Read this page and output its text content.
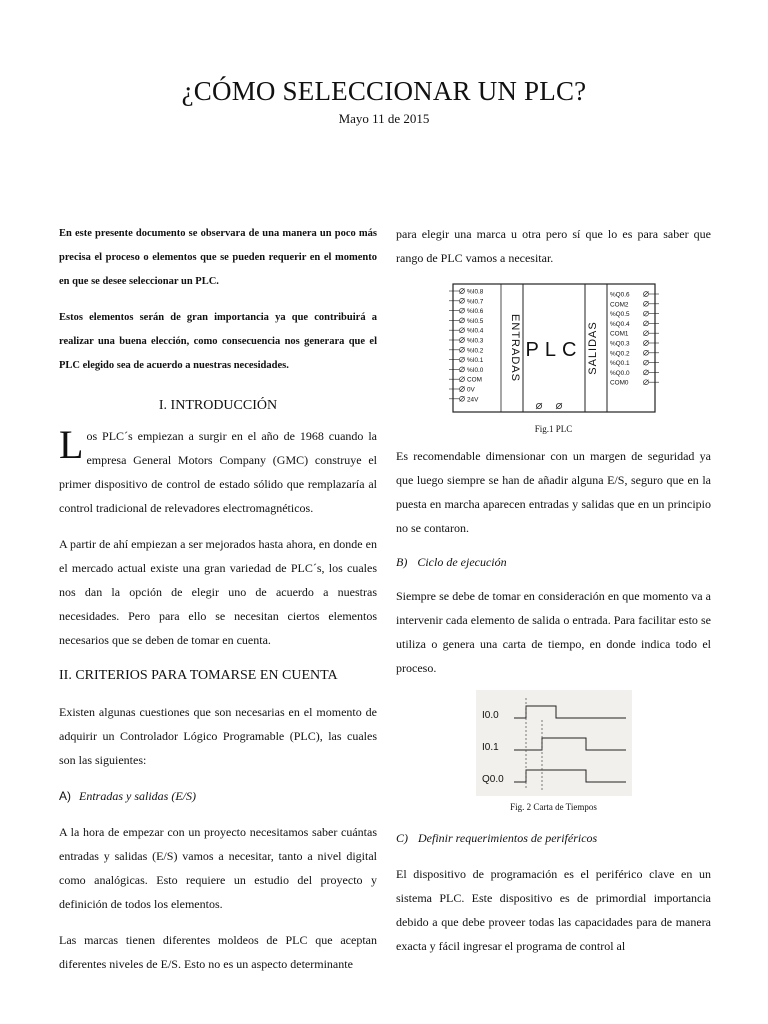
¿CÓMO SELECCIONAR UN PLC?
Mayo 11 de 2015

En este presente documento se observara de una manera un poco más precisa el proceso o elementos que se pueden requerir en el momento en que se desee seleccionar un PLC.

Estos elementos serán de gran importancia ya que contribuirá a realizar una buena elección, como consecuencia nos generara que el PLC elegido sea de acuerdo a nuestras necesidades.

I. INTRODUCCIÓN

Los PLC´s empiezan a surgir en el año de 1968 cuando la empresa General Motors Company (GMC) construye el primer dispositivo de control de estado sólido que remplazaría al control tradicional de relevadores electromagnéticos.

A partir de ahí empiezan a ser mejorados hasta ahora, en donde en el mercado actual existe una gran variedad de PLC´s, los cuales nos dan la opción de elegir uno de acuerdo a nuestras necesidades. Pero para ello se necesitan ciertos elementos necesarios que se deben de tomar en cuenta.

II. CRITERIOS PARA TOMARSE EN CUENTA

Existen algunas cuestiones que son necesarias en el momento de adquirir un Controlador Lógico Programable (PLC), las cuales son las siguientes:

A) Entradas y salidas (E/S)

A la hora de empezar con un proyecto necesitamos saber cuántas entradas y salidas (E/S) vamos a necesitar, tanto a nivel digital como analógicas. Esto requiere un estudio del proyecto y definición de todos los elementos.

Las marcas tienen diferentes moldeos de PLC que aceptan diferentes niveles de E/S. Esto no es un aspecto determinante

para elegir una marca u otra pero sí que lo es para saber que rango de PLC vamos a necesitar.

PLC
ENTRADAS	SALIDAS
%I0.8
%I0.7
%I0.6
%I0.5
%I0.4
%I0.3
%I0.2
%I0.1
%I0.0
COM
0V
24V
%Q0.6
COM2
%Q0.5
%Q0.4
COM1
%Q0.3
%Q0.2
%Q0.1
%Q0.0
COM0
Fig.1 PLC

Es recomendable dimensionar con un margen de seguridad ya que luego siempre se han de añadir alguna E/S, seguro que en la puesta en marcha aparecen entradas y salidas que en un principio no se contaron.

B) Ciclo de ejecución

Siempre se debe de tomar en consideración en que momento va a intervenir cada elemento de salida o entrada. Para facilitar esto se utiliza o genera una carta de tiempo, en donde indica todo el proceso.

I0.0
I0.1
Q0.0
Fig. 2 Carta de Tiempos
C) Definir requerimientos de periféricos

El dispositivo de programación es el periférico clave en un sistema PLC. Este dispositivo es de primordial importancia debido a que debe proveer todas las capacidades para de manera exacta y fácil ingresar el programa de control al
